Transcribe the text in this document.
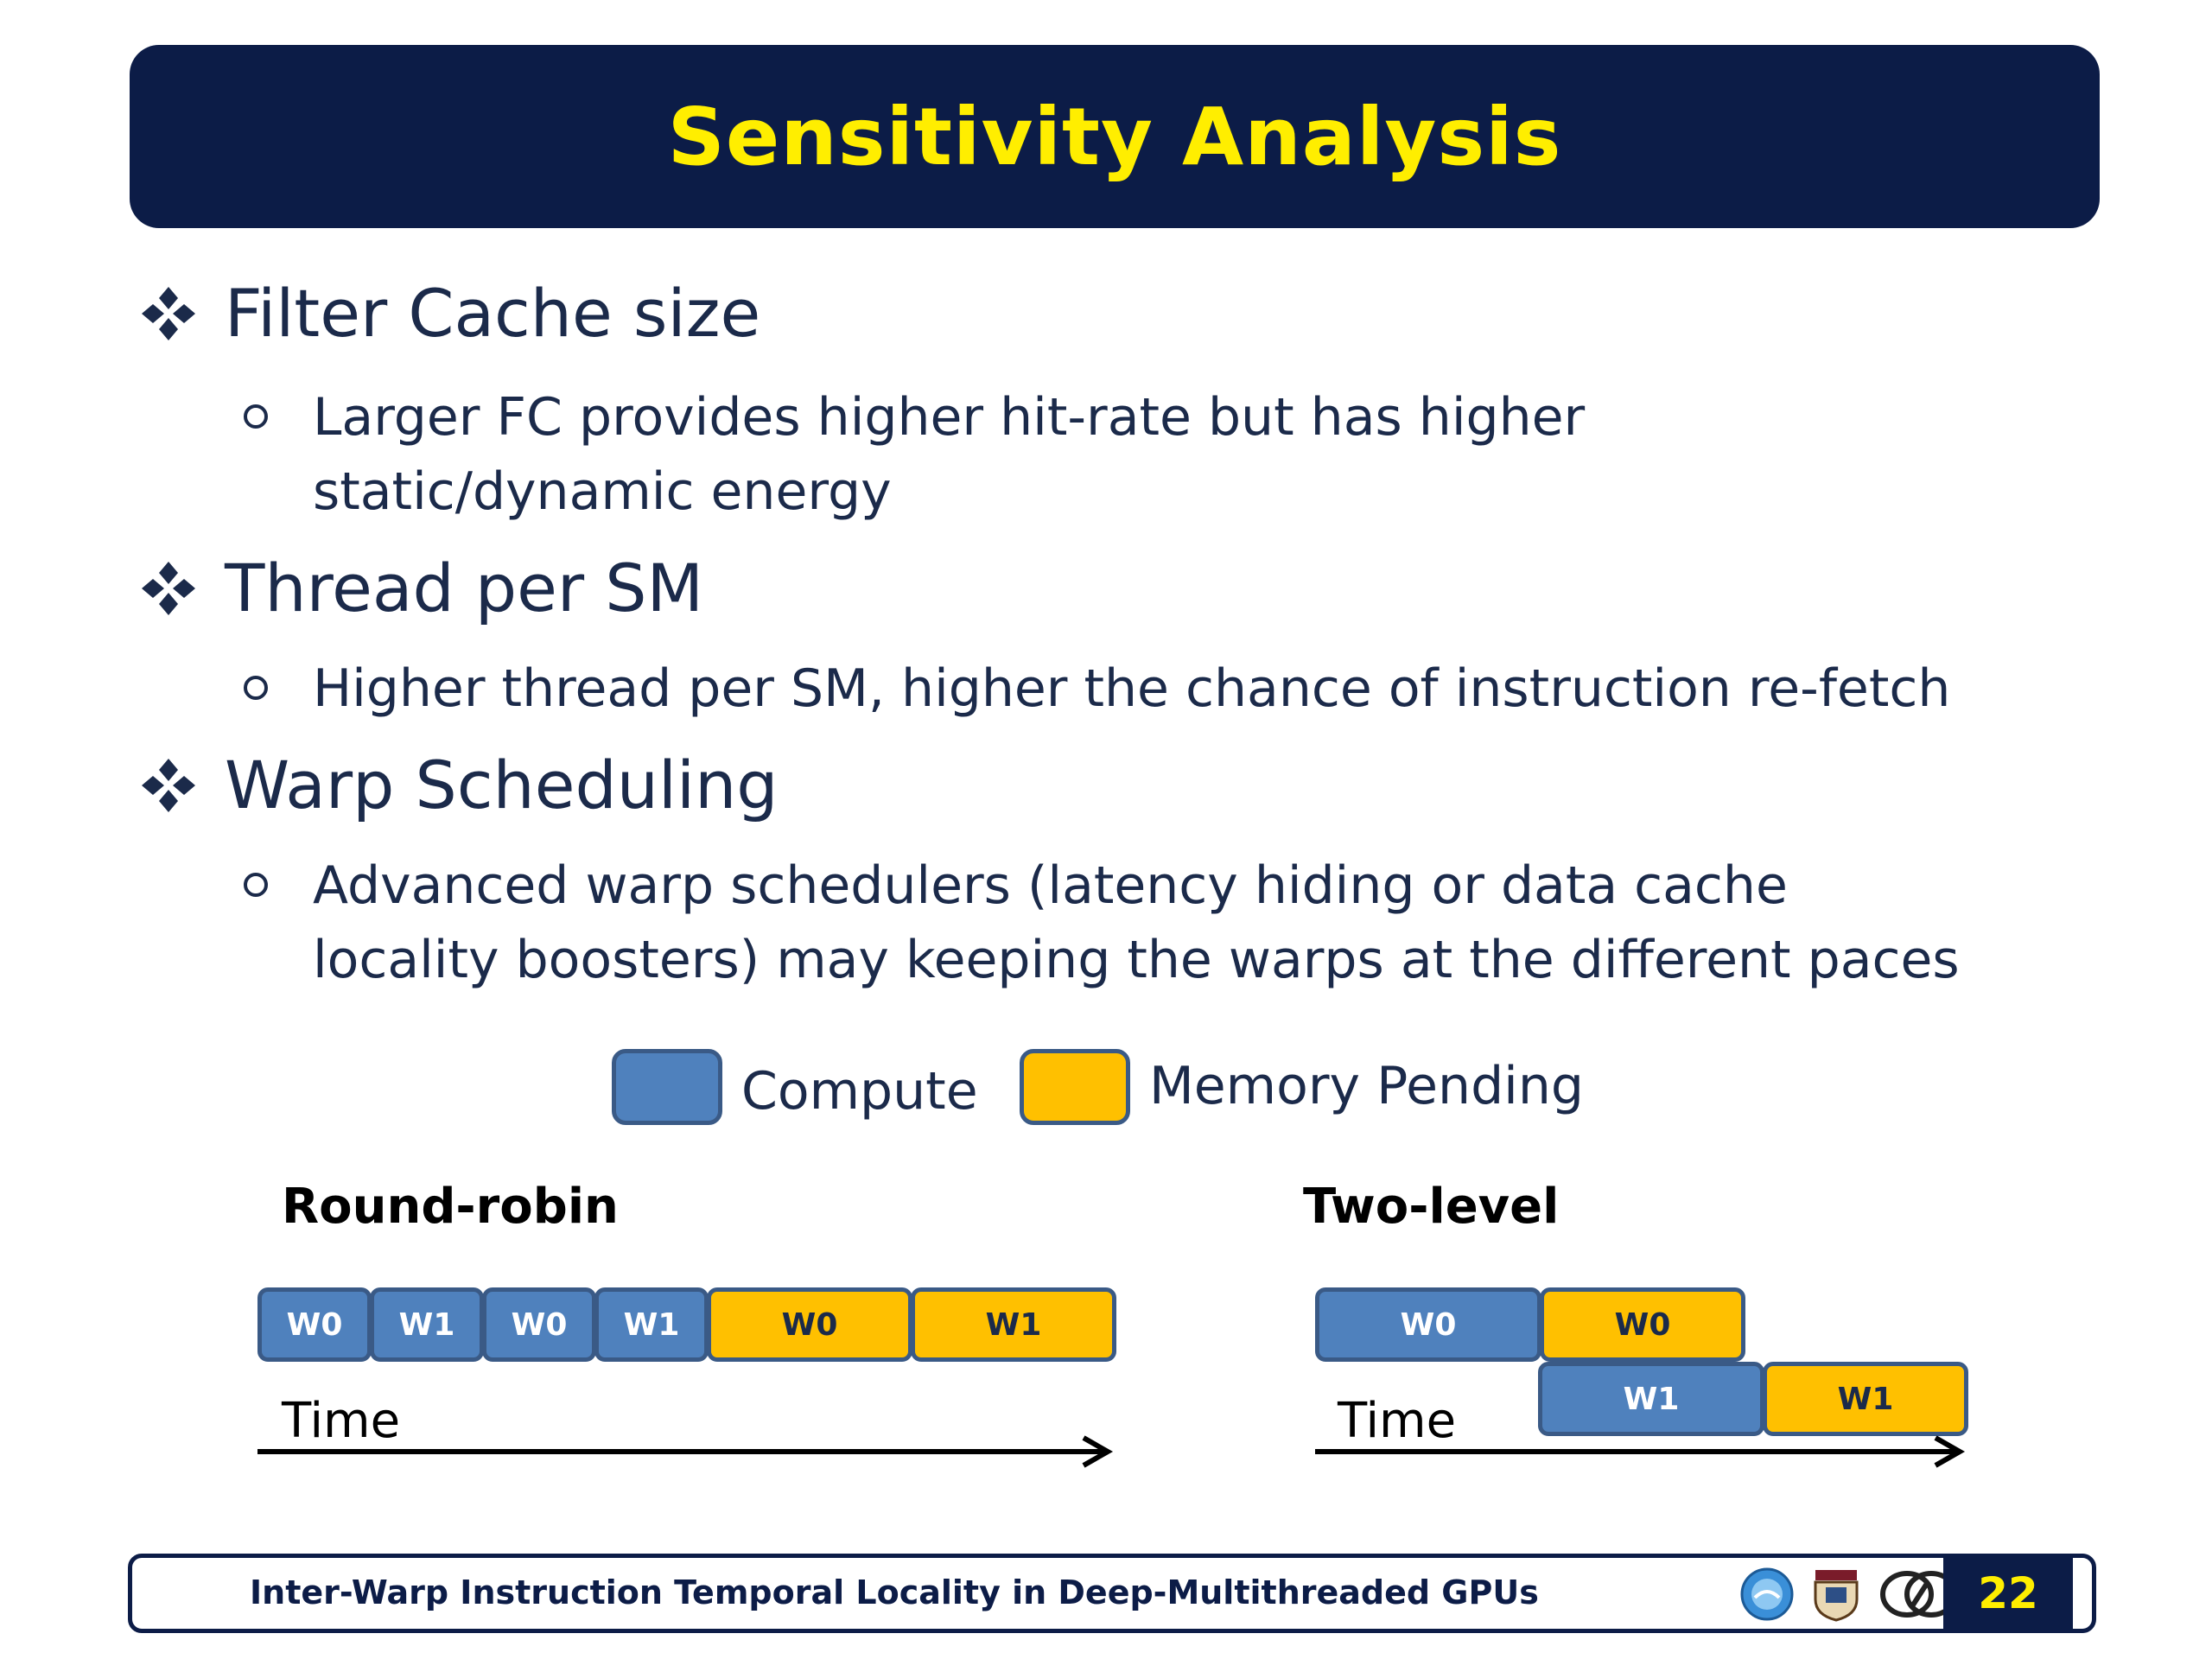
Sensitivity Analysis
Filter Cache size
Larger FC provides higher hit-rate but has higher static/dynamic energy
Thread per SM
Higher thread per SM, higher the chance of instruction re-fetch
Warp Scheduling
Advanced warp schedulers (latency hiding or data cache locality boosters) may keeping the warps at the different paces
Compute	Memory Pending
Round-robin
W0 W1 W0 W1	W0	W1
Time
Two-level
W0	W0
W1	W1
Time
Inter-Warp Instruction Temporal Locality in Deep-Multithreaded GPUs	22
